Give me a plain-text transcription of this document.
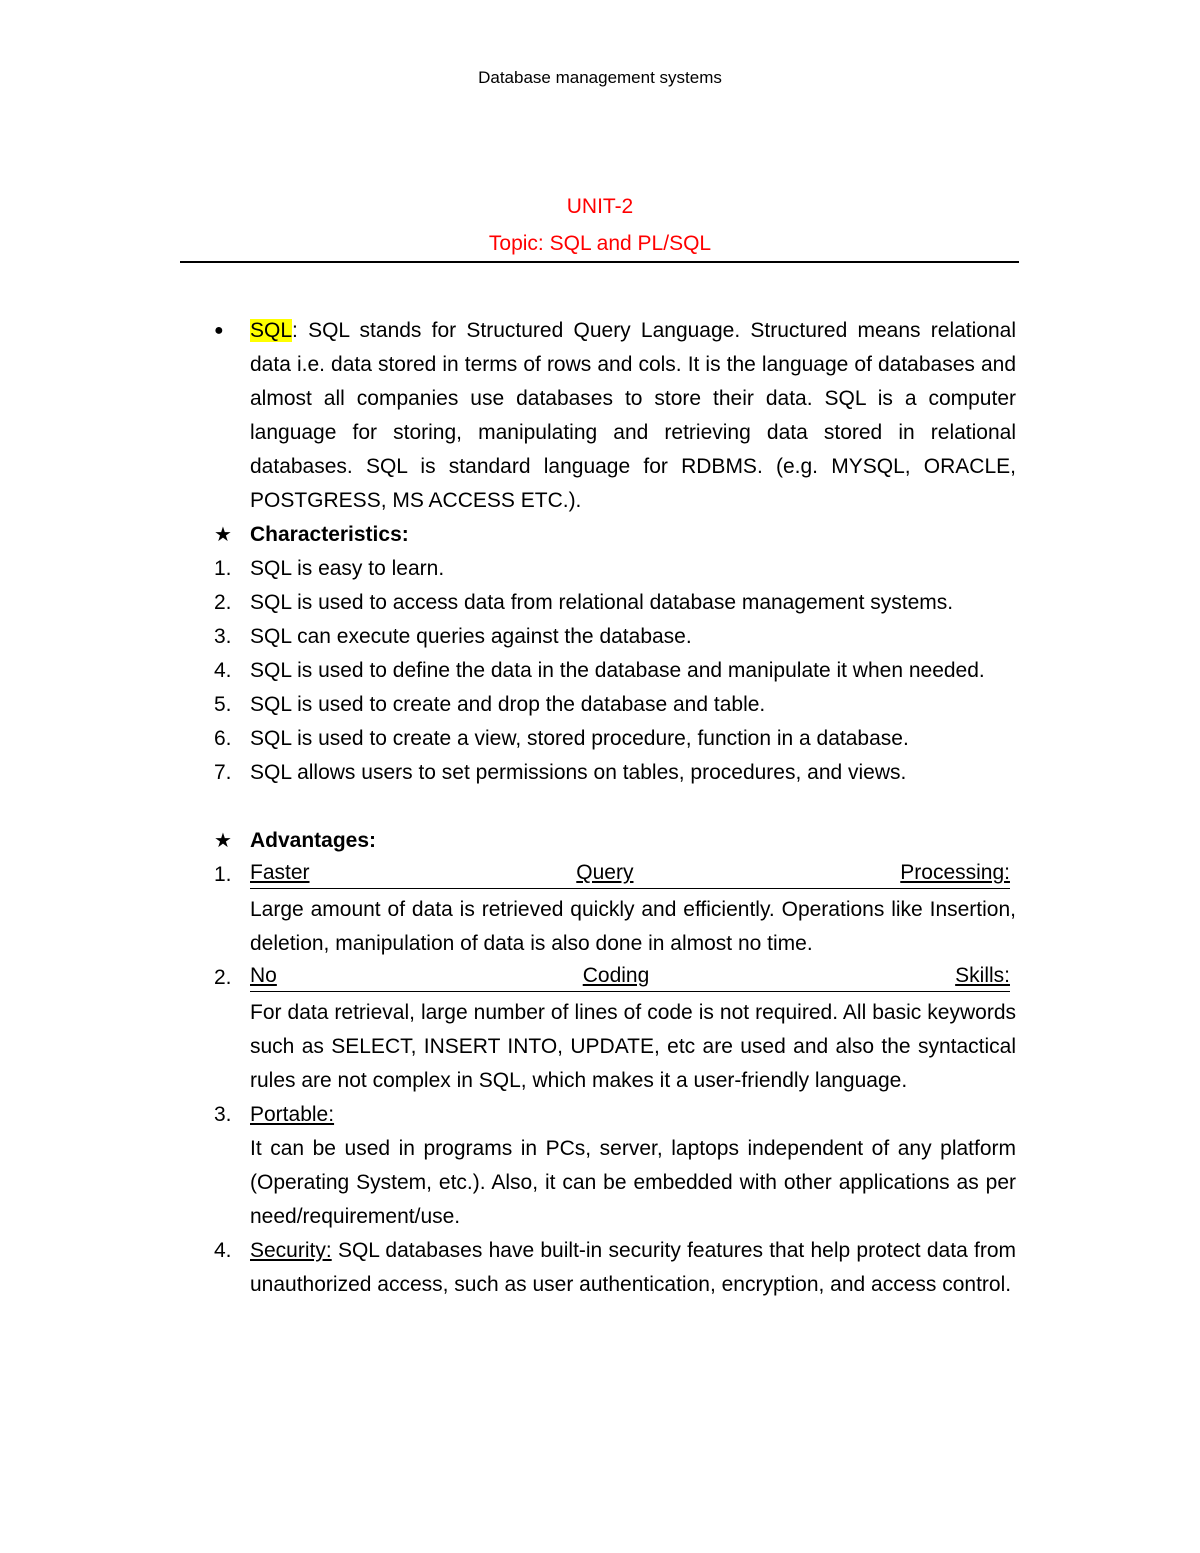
Database management systems
UNIT-2
Topic: SQL and PL/SQL
●	SQL: SQL stands for Structured Query Language. Structured means relational data i.e. data stored in terms of rows and cols. It is the language of databases and almost all companies use databases to store their data. SQL is a computer language for storing, manipulating and retrieving data stored in relational databases. SQL is standard language for RDBMS. (e.g. MYSQL, ORACLE, POSTGRESS, MS ACCESS ETC.).
★ Characteristics:
1. SQL is easy to learn.
2. SQL is used to access data from relational database management systems.
3. SQL can execute queries against the database.
4. SQL is used to define the data in the database and manipulate it when needed.
5. SQL is used to create and drop the database and table.
6. SQL is used to create a view, stored procedure, function in a database.
7. SQL allows users to set permissions on tables, procedures, and views.
★ Advantages:
1. Faster	Query	Processing:
Large amount of data is retrieved quickly and efficiently. Operations like Insertion, deletion, manipulation of data is also done in almost no time.
2. No	Coding	Skills:
For data retrieval, large number of lines of code is not required. All basic keywords such as SELECT, INSERT INTO, UPDATE, etc are used and also the syntactical rules are not complex in SQL, which makes it a user-friendly language.
3. Portable:
It can be used in programs in PCs, server, laptops independent of any platform (Operating System, etc.). Also, it can be embedded with other applications as per need/requirement/use.
4. Security: SQL databases have built-in security features that help protect data from unauthorized access, such as user authentication, encryption, and access control.
